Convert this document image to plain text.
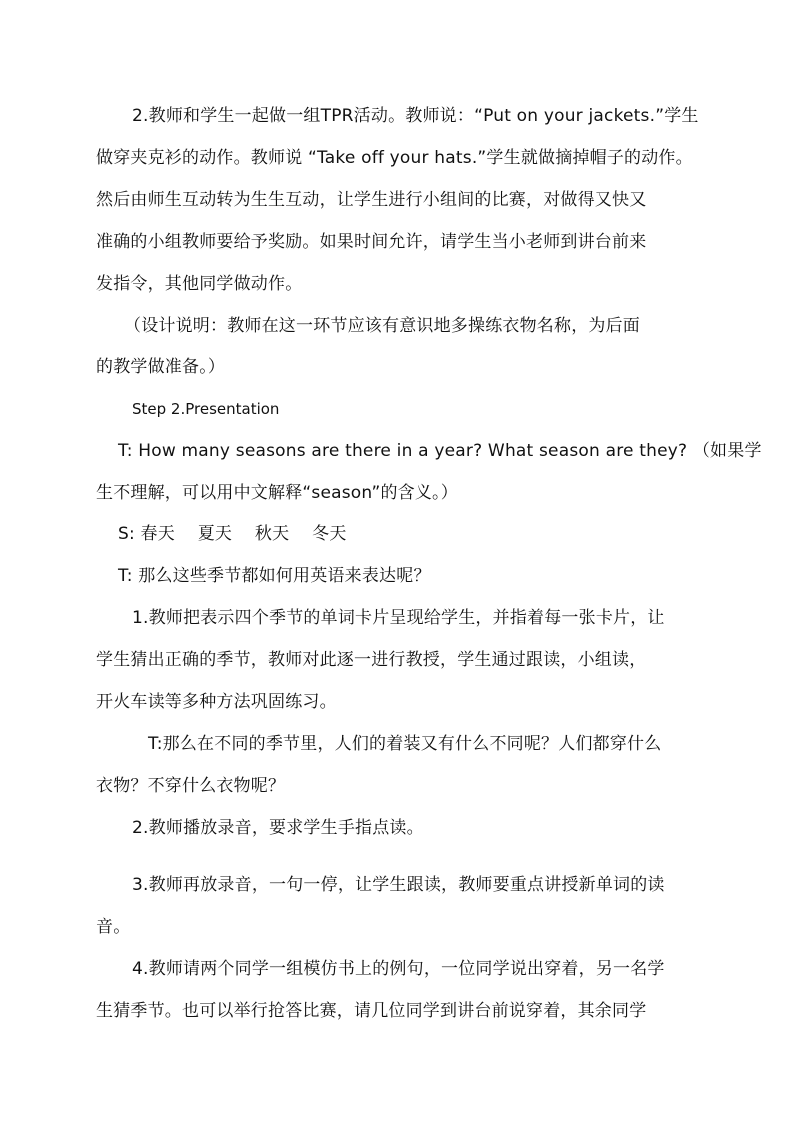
2.教师和学生一起做一组TPR活动。教师说：“Put on your jackets.”学生
做穿夹克衫的动作。教师说 “Take off your hats.”学生就做摘掉帽子的动作。
然后由师生互动转为生生互动，让学生进行小组间的比赛，对做得又快又
准确的小组教师要给予奖励。如果时间允许，请学生当小老师到讲台前来
发指令，其他同学做动作。
（设计说明：教师在这一环节应该有意识地多操练衣物名称，为后面
的教学做准备。）
Step 2.Presentation
T: How many seasons are there in a year? What season are they? （如果学
生不理解，可以用中文解释“season”的含义。）
S: 春天　 夏天　 秋天　 冬天
T: 那么这些季节都如何用英语来表达呢？
1.教师把表示四个季节的单词卡片呈现给学生，并指着每一张卡片，让
学生猜出正确的季节，教师对此逐一进行教授，学生通过跟读，小组读，
开火车读等多种方法巩固练习。
T:那么在不同的季节里，人们的着装又有什么不同呢？人们都穿什么
衣物？不穿什么衣物呢？
2.教师播放录音，要求学生手指点读。
3.教师再放录音，一句一停，让学生跟读，教师要重点讲授新单词的读
音。
4.教师请两个同学一组模仿书上的例句，一位同学说出穿着，另一名学
生猜季节。也可以举行抢答比赛，请几位同学到讲台前说穿着，其余同学
